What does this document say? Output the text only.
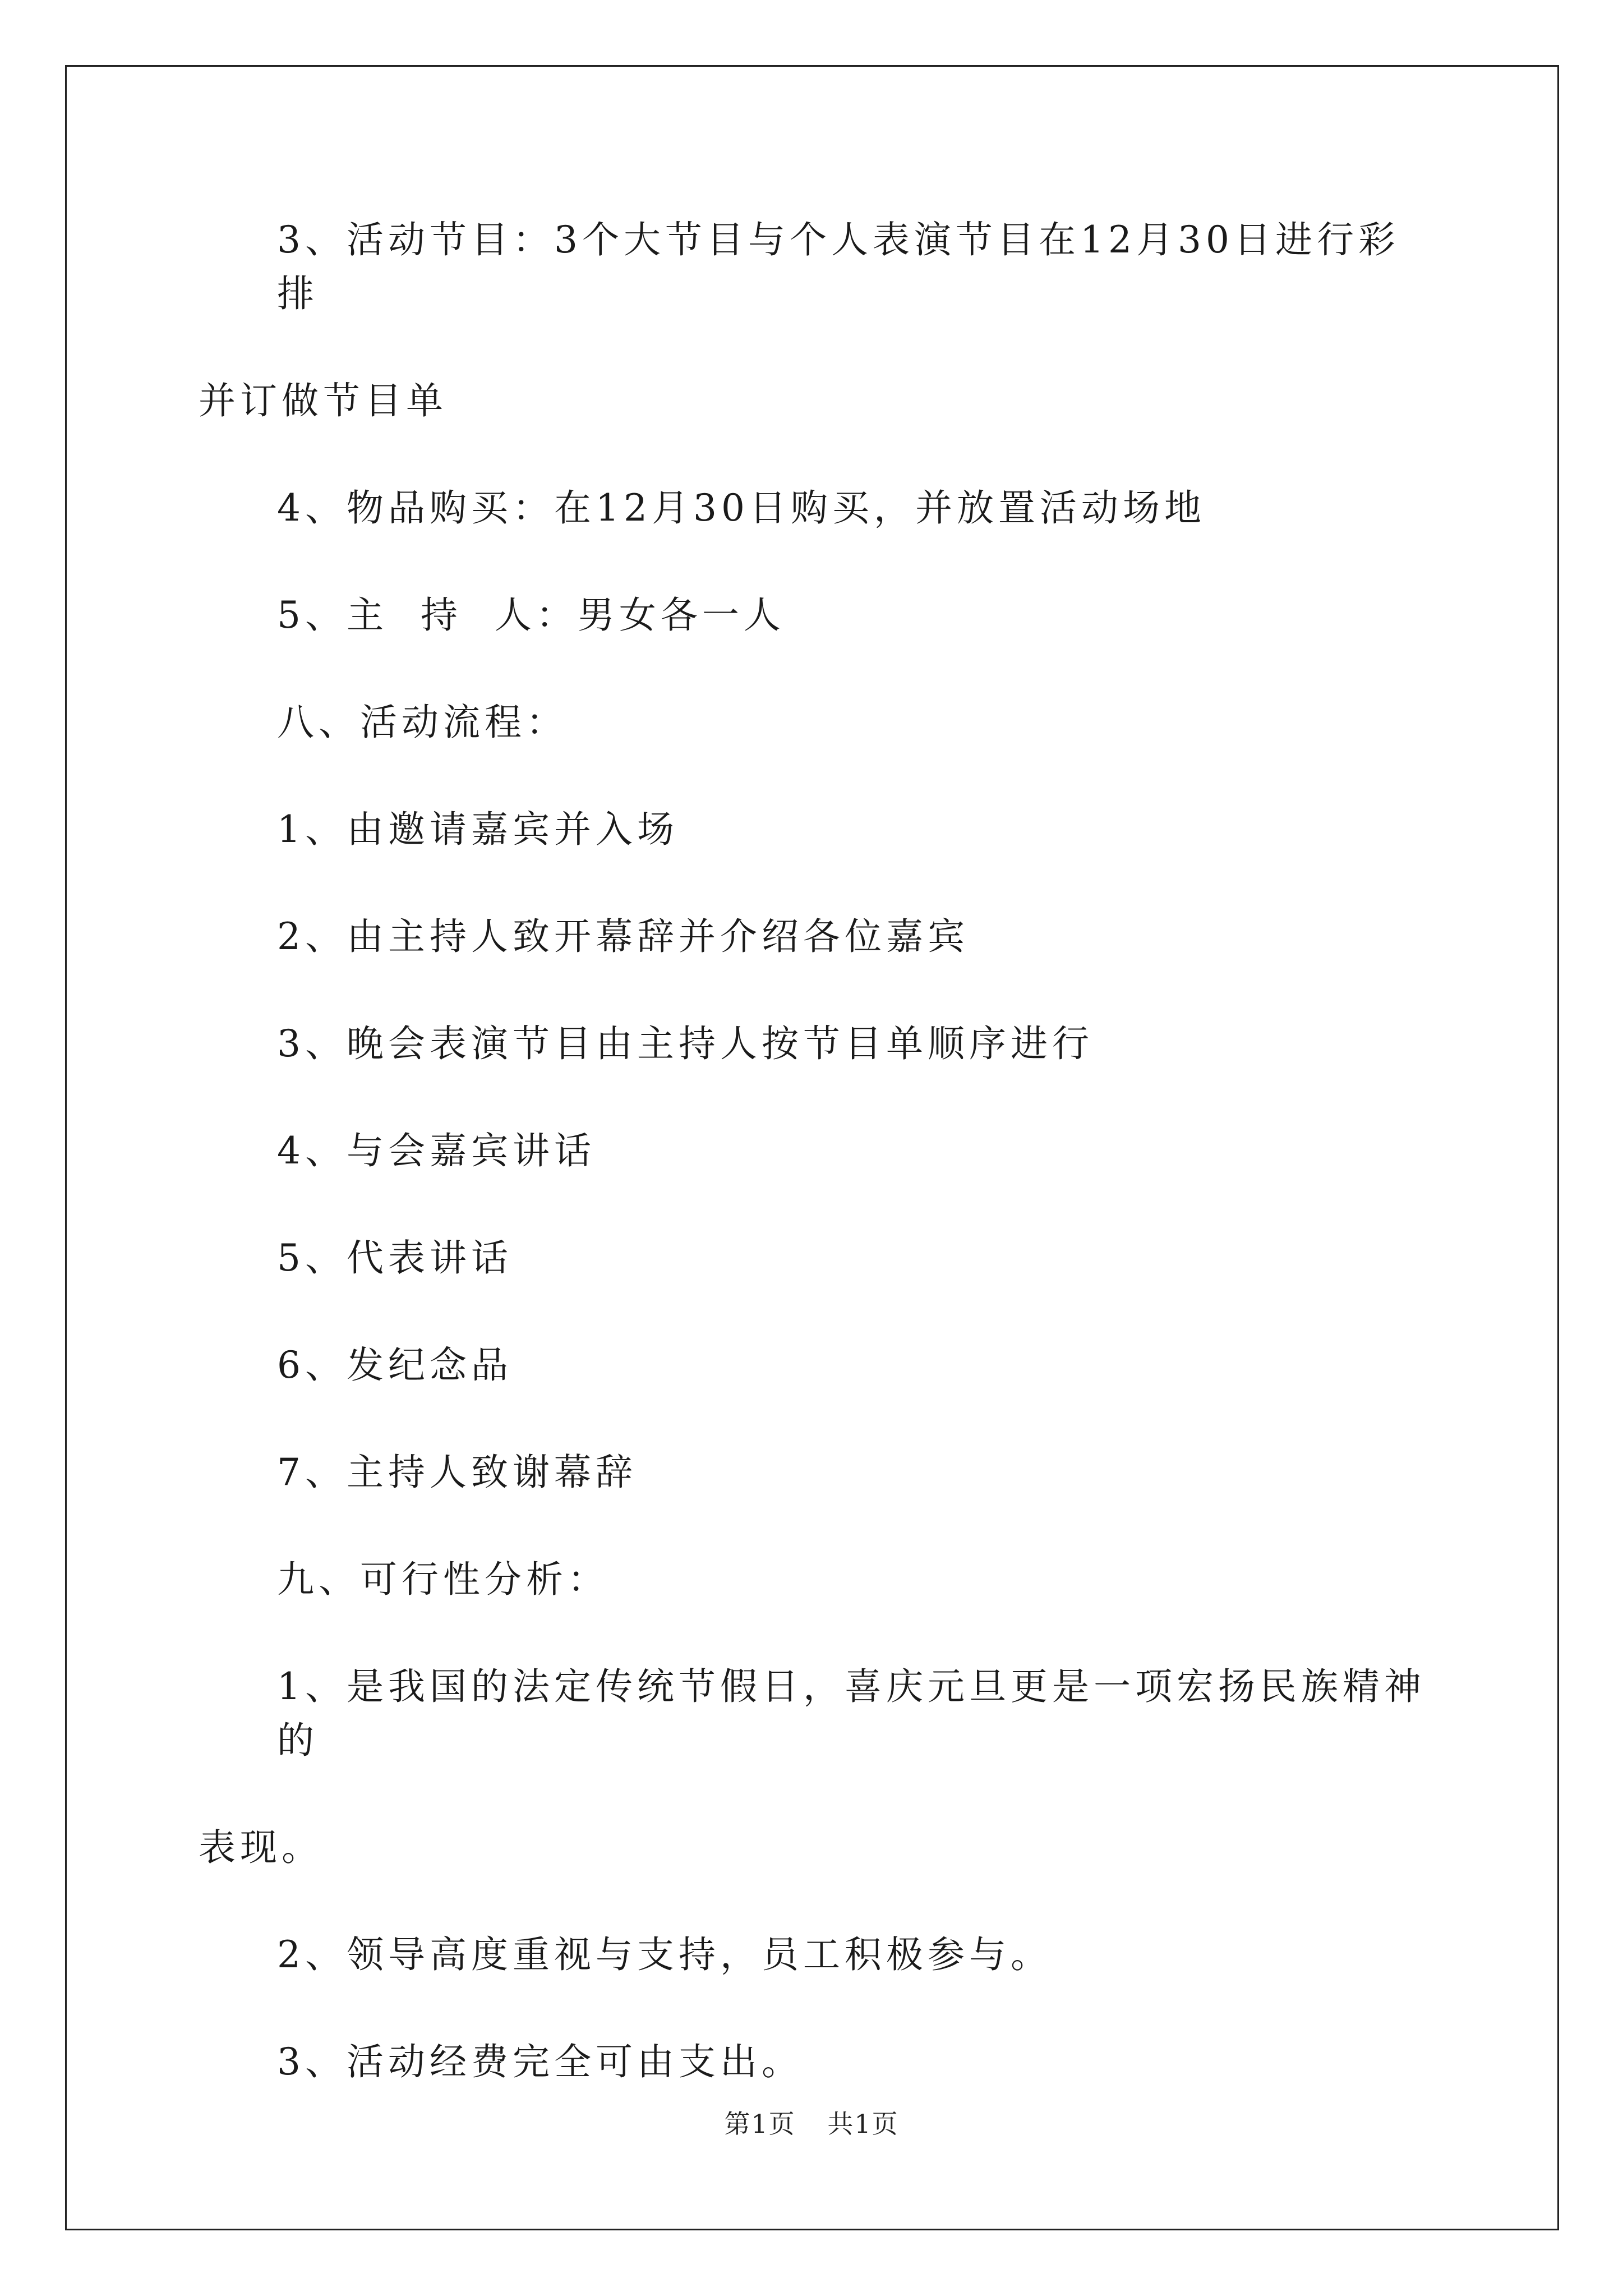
3、活动节目：3个大节目与个人表演节目在12月30日进行彩排
并订做节目单

4、物品购买：在12月30日购买，并放置活动场地

5、主  持  人：男女各一人

八、活动流程：

1、由邀请嘉宾并入场

2、由主持人致开幕辞并介绍各位嘉宾

3、晚会表演节目由主持人按节目单顺序进行

4、与会嘉宾讲话

5、代表讲话

6、发纪念品

7、主持人致谢幕辞

九、可行性分析：

1、是我国的法定传统节假日，喜庆元旦更是一项宏扬民族精神的
表现。

2、领导高度重视与支持，员工积极参与。

3、活动经费完全可由支出。

第1页 共1页
